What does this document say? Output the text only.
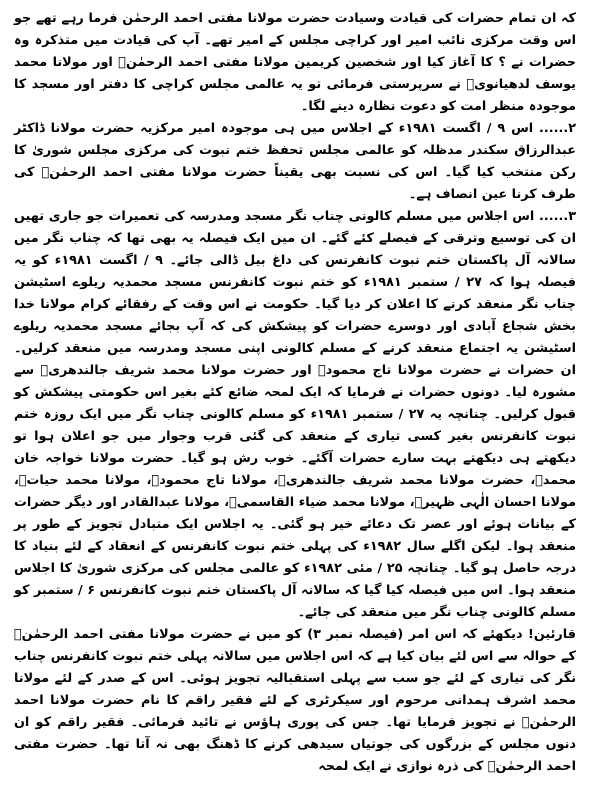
کہ ان تمام حضرات کی قیادت وسیادت حضرت مولانا مفتی احمد الرحمٰن فرما رہے تھے جو اس وقت مرکزی نائب امیر اور کراچی مجلس کے امیر تھے۔ آپ کی قیادت میں متذکرہ وہ حضرات نے ؟ کا آغاز کیا اور شخصین کریمین مولانا مفتی احمد الرحمٰنؒ اور مولانا محمد یوسف لدھیانویؒ نے سرپرستی فرمائی تو یہ عالمی مجلس کراچی کا دفتر اور مسجد کا موجودہ منظر امت کو دعوت نظارہ دینے لگا۔

۲...... اس ۹ / اگست ۱۹۸۱ء کے اجلاس میں ہی موجودہ امیر مرکزیہ حضرت مولانا ڈاکٹر عبدالرزاق سکندر مدظلہ کو عالمی مجلس تحفظ ختم نبوت کی مرکزی مجلس شوریٰ کا رکن منتخب کیا گیا۔ اس کی نسبت بھی یقیناً حضرت مولانا مفتی احمد الرحمٰنؒ کی طرف کرنا عین انصاف ہے۔

۳...... اس اجلاس میں مسلم کالونی چناب نگر مسجد ومدرسہ کی تعمیرات جو جاری تھیں ان کی توسیع وترقی کے فیصلے کئے گئے۔ ان میں ایک فیصلہ یہ بھی تھا کہ چناب نگر میں سالانہ آل پاکستان ختم نبوت کانفرنس کی داغ بیل ڈالی جائے۔ ۹ / اگست ۱۹۸۱ء کو یہ فیصلہ ہوا کہ ۲۷ / ستمبر ۱۹۸۱ء کو ختم نبوت کانفرنس مسجد محمدیہ ریلوے اسٹیشن چناب نگر منعقد کرنے کا اعلان کر دیا گیا۔ حکومت نے اس وقت کے رفقائے کرام مولانا خدا بخش شجاع آبادی اور دوسرے حضرات کو پیشکش کی کہ آپ بجائے مسجد محمدیہ ریلوے اسٹیشن یہ اجتماع منعقد کرنے کے مسلم کالونی اپنی مسجد ومدرسہ میں منعقد کرلیں۔ ان حضرات نے حضرت مولانا تاج محمودؒ اور حضرت مولانا محمد شریف جالندھریؒ سے مشورہ لیا۔ دونوں حضرات نے فرمایا کہ ایک لمحہ ضائع کئے بغیر اس حکومتی پیشکش کو قبول کرلیں۔ چنانچہ یہ ۲۷ / ستمبر ۱۹۸۱ء کو مسلم کالونی چناب نگر میں ایک روزہ ختم نبوت کانفرنس بغیر کسی تیاری کے منعقد کی گئی قرب وجوار میں جو اعلان ہوا تو دیکھتے ہی دیکھتے بہت سارے حضرات آگئے۔ خوب رش ہو گیا۔ حضرت مولانا خواجہ خان محمدؒ، حضرت مولانا محمد شریف جالندھریؒ، مولانا تاج محمودؒ، مولانا محمد حیاتؒ، مولانا احسان الٰہی ظہیرؒ، مولانا محمد ضیاء القاسمیؒ، مولانا عبدالقادر اور دیگر حضرات کے بیانات ہوئے اور عصر تک دعائے خیر ہو گئی۔ یہ اجلاس ایک متبادل تجویز کے طور پر منعقد ہوا۔ لیکن اگلے سال ۱۹۸۲ء کی پہلی ختم نبوت کانفرنس کے انعقاد کے لئے بنیاد کا درجہ حاصل ہو گیا۔ چنانچہ ۲۵ / مئی ۱۹۸۲ء کو عالمی مجلس کی مرکزی شوریٰ کا اجلاس منعقد ہوا۔ اس میں فیصلہ کیا گیا کہ سالانہ آل پاکستان ختم نبوت کانفرنس ۶ / ستمبر کو مسلم کالونی چناب نگر میں منعقد کی جائے۔

قارئین! دیکھئے کہ اس امر (فیصلہ نمبر ۳) کو میں نے حضرت مولانا مفتی احمد الرحمٰنؒ کے حوالہ سے اس لئے بیان کیا ہے کہ اس اجلاس میں سالانہ پہلی ختم نبوت کانفرنس چناب نگر کی تیاری کے لئے جو سب سے پہلی استقبالیہ تجویز ہوئی۔ اس کے صدر کے لئے مولانا محمد اشرف ہمدانی مرحوم اور سیکرٹری کے لئے فقیر راقم کا نام حضرت مولانا احمد الرحمٰنؒ نے تجویز فرمایا تھا۔ جس کی پوری ہاؤس نے تائید فرمائی۔ فقیر راقم کو ان دنوں مجلس کے بزرگوں کی جوتیاں سیدھی کرنے کا ڈھنگ بھی نہ آتا تھا۔ حضرت مفتی احمد الرحمٰنؒ کی ذرہ نوازی نے ایک لمحہ
